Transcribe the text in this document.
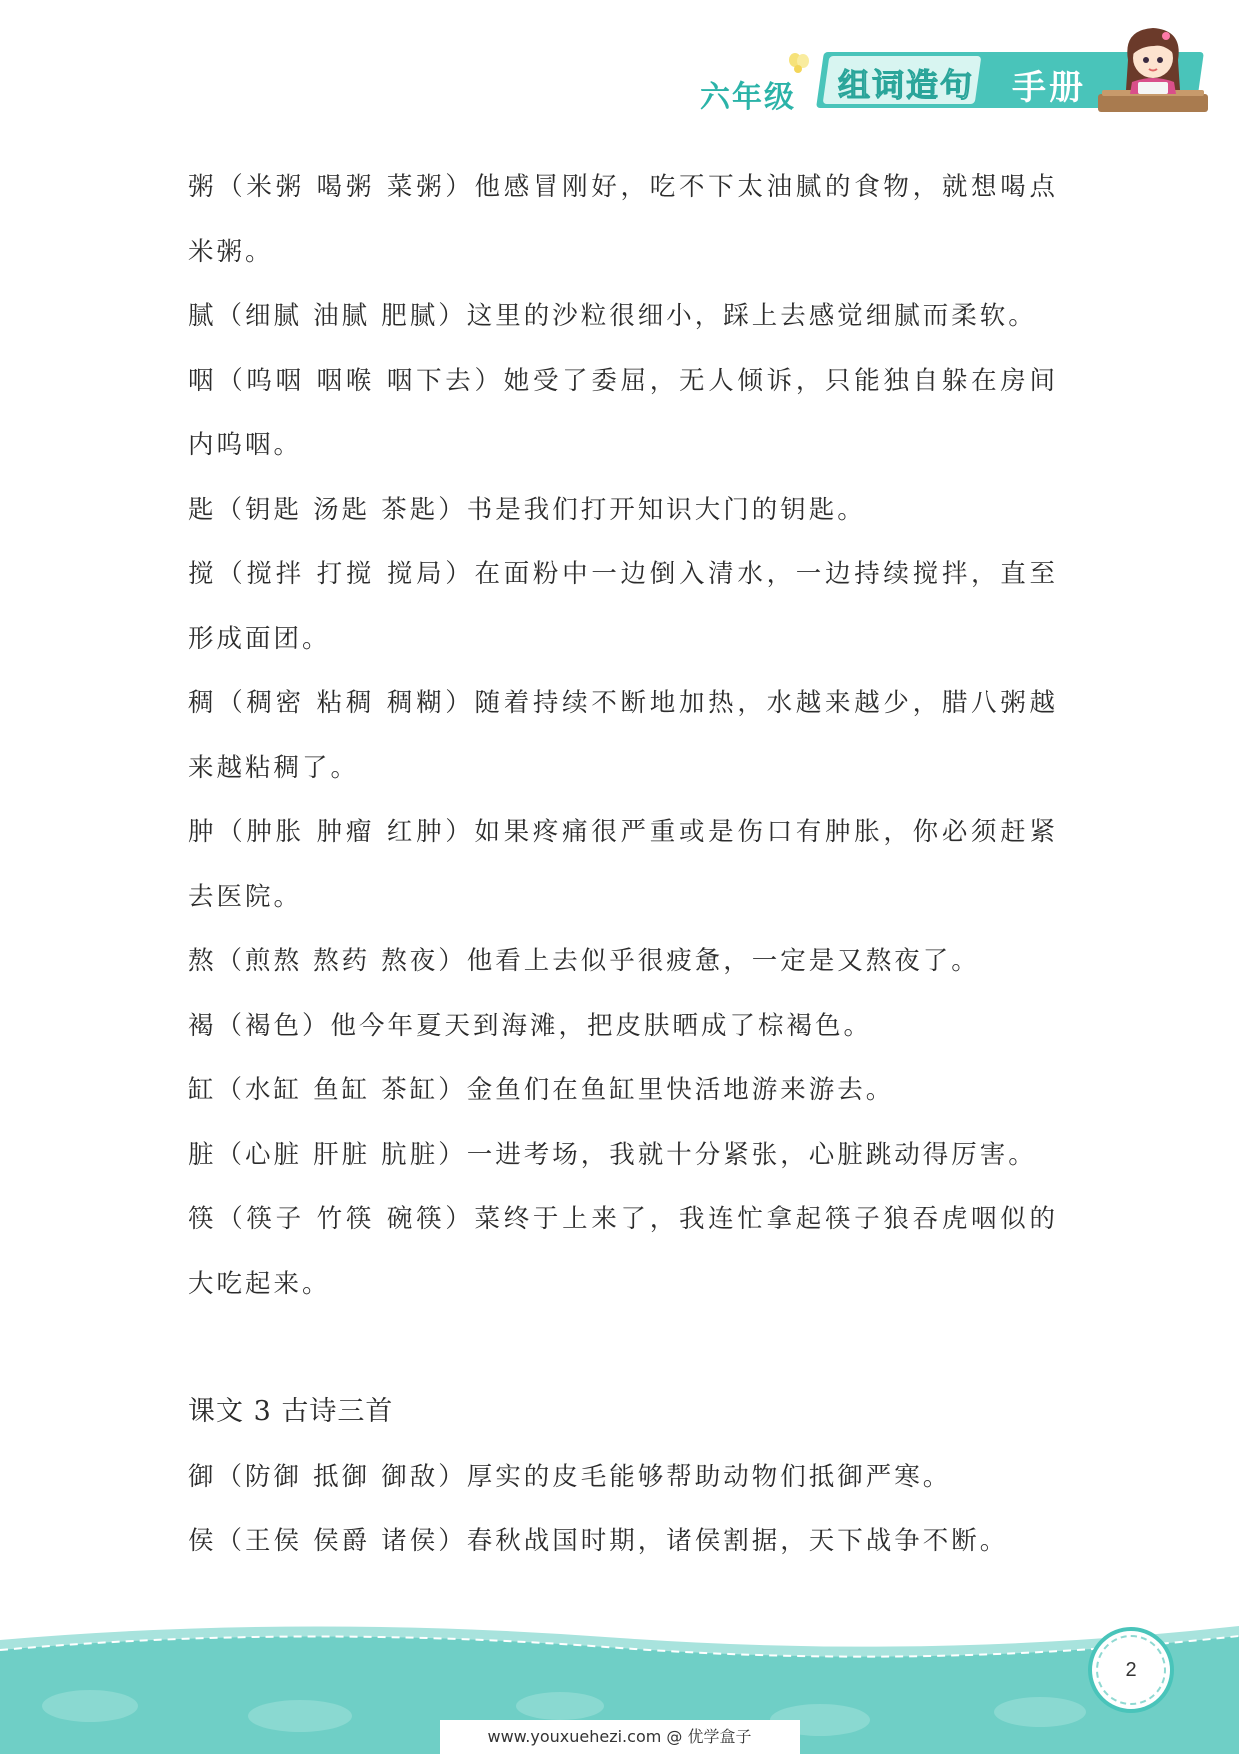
六年级 组词造句 手册

粥（米粥 喝粥 菜粥）他感冒刚好，吃不下太油腻的食物，就想喝点米粥。

腻（细腻 油腻 肥腻）这里的沙粒很细小，踩上去感觉细腻而柔软。

咽（呜咽 咽喉 咽下去）她受了委屈，无人倾诉，只能独自躲在房间内呜咽。

匙（钥匙 汤匙 茶匙）书是我们打开知识大门的钥匙。

搅（搅拌 打搅 搅局）在面粉中一边倒入清水，一边持续搅拌，直至形成面团。

稠（稠密 粘稠 稠糊）随着持续不断地加热，水越来越少，腊八粥越来越粘稠了。

肿（肿胀 肿瘤 红肿）如果疼痛很严重或是伤口有肿胀，你必须赶紧去医院。

熬（煎熬 熬药 熬夜）他看上去似乎很疲惫，一定是又熬夜了。

褐（褐色）他今年夏天到海滩，把皮肤晒成了棕褐色。

缸（水缸 鱼缸 茶缸）金鱼们在鱼缸里快活地游来游去。

脏（心脏 肝脏 肮脏）一进考场，我就十分紧张，心脏跳动得厉害。

筷（筷子 竹筷 碗筷）菜终于上来了，我连忙拿起筷子狼吞虎咽似的大吃起来。

课文 3 古诗三首

御（防御 抵御 御敌）厚实的皮毛能够帮助动物们抵御严寒。

侯（王侯 侯爵 诸侯）春秋战国时期，诸侯割据，天下战争不断。

2
www.youxuehezi.com @ 优学盒子
